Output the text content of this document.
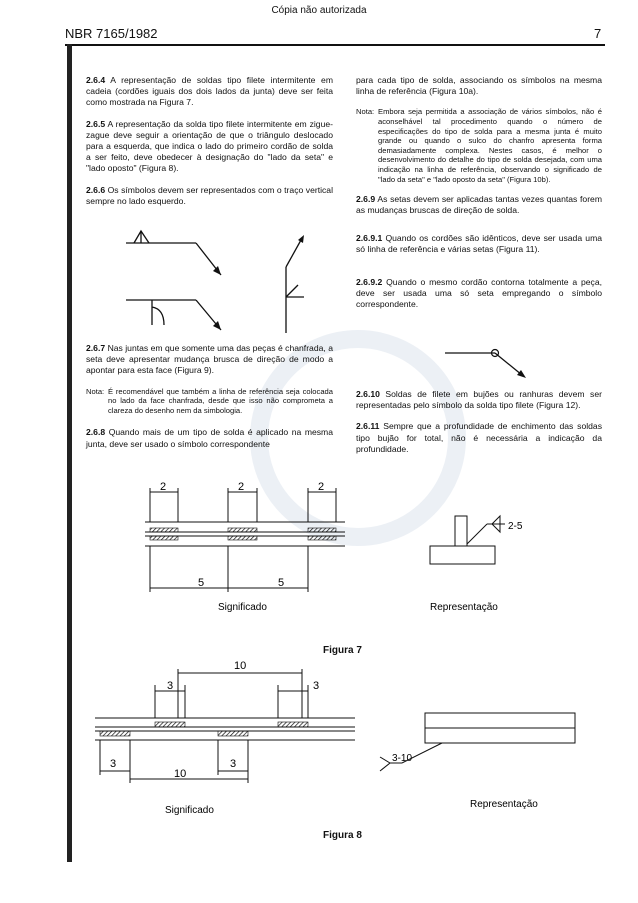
Cópia não autorizada
NBR 7165/1982	7

2.6.4 A representação de soldas tipo filete intermitente em cadeia (cordões iguais dos dois lados da junta) deve ser feita como mostrada na Figura 7.

2.6.5 A representação da solda tipo filete intermitente em zigue-zague deve seguir a orientação de que o triângulo deslocado para a esquerda, que indica o lado do primeiro cordão de solda a ser feito, deve obedecer à designação do "lado da seta" e "lado oposto" (Figura 8).

2.6.6 Os símbolos devem ser representados com o traço vertical sempre no lado esquerdo.

2.6.7 Nas juntas em que somente uma das peças é chanfrada, a seta deve apresentar mudança brusca de direção de modo a apontar para esta face (Figura 9).

Nota: É recomendável que também a linha de referência seja colocada no lado da face chanfrada, desde que isso não comprometa a clareza do desenho nem da simbologia.

2.6.8 Quando mais de um tipo de solda é aplicado na mesma junta, deve ser usado o símbolo correspondente

para cada tipo de solda, associando os símbolos na mesma linha de referência (Figura 10a).

Nota: Embora seja permitida a associação de vários símbolos, não é aconselhável tal procedimento quando o número de especificações do tipo de solda para a mesma junta é muito grande ou quando o sulco do chanfro apresenta forma demasiadamente complexa. Nestes casos, é melhor o desenvolvimento do detalhe do tipo de solda desejada, com uma indicação na linha de referência, observando o significado de "lado da seta" e "lado oposto da seta" (Figura 10b).

2.6.9 As setas devem ser aplicadas tantas vezes quantas forem as mudanças bruscas de direção de solda.

2.6.9.1 Quando os cordões são idênticos, deve ser usada uma só linha de referência e várias setas (Figura 11).

2.6.9.2 Quando o mesmo cordão contorna totalmente a peça, deve ser usada uma só seta empregando o símbolo correspondente.

2.6.10 Soldas de filete em bujões ou ranhuras devem ser representadas pelo símbolo da solda tipo filete (Figura 12).

2.6.11 Sempre que a profundidade de enchimento das soldas tipo bujão for total, não é necessária a indicação da profundidade.

2	2	2
5	5
2-5
Significado	Representação
Figura 7
10
3	3
3	3
10
3-10
Significado
Representação
Figura 8
